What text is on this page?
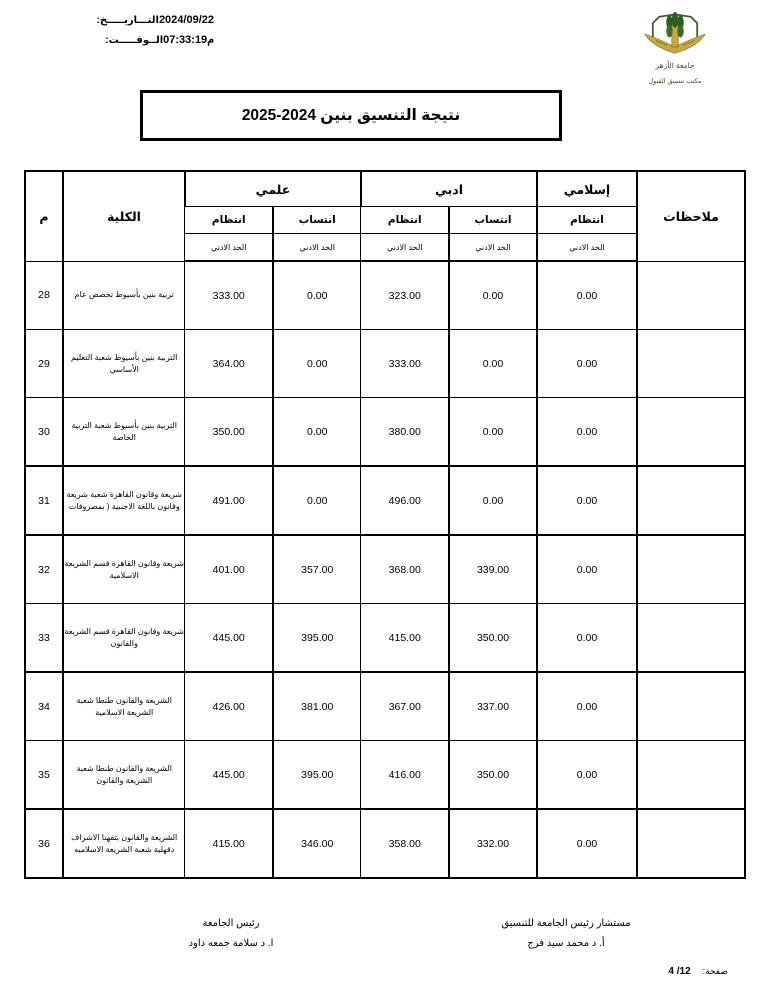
2024/09/22
التـــاريـــــخ:
07:33:19م
الــوقـــــت:
جامعة الأزهر
مكتب تنسيق القبول
نتيجة التنسيق بنين 2024-2025
ملاحظات	إسلامي	ادبي		علمي		الكلية	م
	انتظام	انتساب	انتظام	انتساب	انتظام		
	الحد الادني	الحد الادني	الحد الادني	الحد الادني	الحد الادني		
	0.00	0.00	323.00	0.00	333.00	تربية بنين بأسيوط تخصص عام	28
	0.00	0.00	333.00	0.00	364.00	التربية بنين بأسيوط شعبة التعليم الأساسي	29
	0.00	0.00	380.00	0.00	350.00	التربية بنين بأسيوط شعبة التربية الخاصة	30
	0.00	0.00	496.00	0.00	491.00	شريعة وقانون القاهرة شعبة شريعة وقانون باللغة الاجنبية ( بمصروفات	31
	0.00	339.00	368.00	357.00	401.00	شريعة وقانون القاهرة قسم الشريعة الاسلامية	32
	0.00	350.00	415.00	395.00	445.00	شريعة وقانون القاهرة قسم الشريعة والقانون	33
	0.00	337.00	367.00	381.00	426.00	الشريعة والقانون طنطا شعبة الشريعة الاسلامية	34
	0.00	350.00	416.00	395.00	445.00	الشريعة والقانون طنطا شعبة الشريعة والقانون	35
	0.00	332.00	358.00	346.00	415.00	الشريعة والقانون بتفهنا الاشراف دقهلية شعبة الشريعة الاسلاميه	36
مستشار رئيس الجامعة للتنسيق
أ. د محمد سيد فرج
رئيس الجامعة
ا. د سلامة جمعه داود
صفحة:
4 /12
